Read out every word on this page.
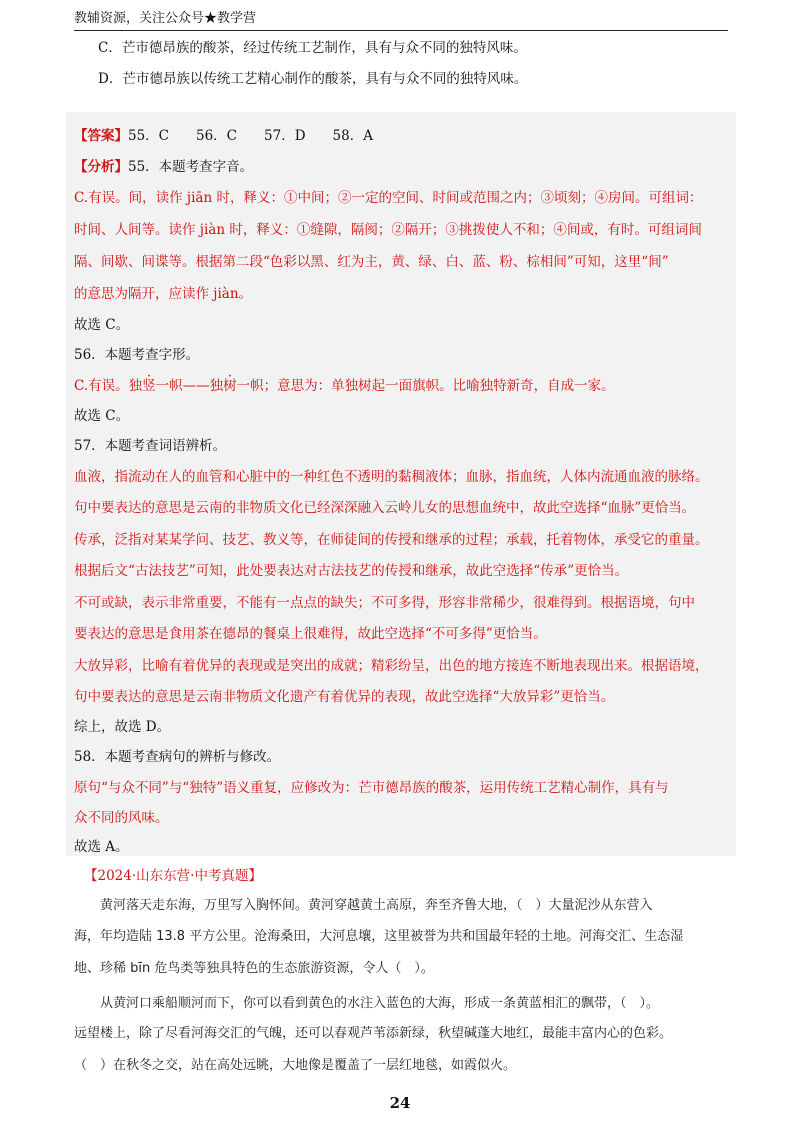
教辅资源，关注公众号★教学营
C．芒市德昂族的酸茶，经过传统工艺制作，具有与众不同的独特风味。
D．芒市德昂族以传统工艺精心制作的酸茶，具有与众不同的独特风味。
【答案】55．C　　56．C　　57．D　　58．A
【分析】55．本题考查字音。
C.有误。间，读作 jiān 时，释义：①中间；②一定的空间、时间或范围之内；③顷刻；④房间。可组词：
时间、人间等。读作 jiàn 时，释义：①缝隙，隔阂；②隔开；③挑拨使人不和；④间或，有时。可组词间
隔、间歇、间谍等。根据第二段“色彩以黑、红为主，黄、绿、白、蓝、粉、棕相间”可知，这里“间”
的意思为隔开，应读作 jiàn。
故选 C。
56．本题考查字形。
C.有误。独竖一帜——独树一帜；意思为：单独树起一面旗帜。比喻独特新奇，自成一家。
故选 C。
57．本题考查词语辨析。
血液，指流动在人的血管和心脏中的一种红色不透明的黏稠液体；血脉，指血统，人体内流通血液的脉络。
句中要表达的意思是云南的非物质文化已经深深融入云岭儿女的思想血统中，故此空选择“血脉”更恰当。
传承，泛指对某某学问、技艺、教义等，在师徒间的传授和继承的过程；承载，托着物体，承受它的重量。
根据后文“古法技艺”可知，此处要表达对古法技艺的传授和继承，故此空选择“传承”更恰当。
不可或缺，表示非常重要，不能有一点点的缺失；不可多得，形容非常稀少，很难得到。根据语境，句中
要表达的意思是食用茶在德昂的餐桌上很难得，故此空选择“不可多得”更恰当。
大放异彩，比喻有着优异的表现或是突出的成就；精彩纷呈，出色的地方接连不断地表现出来。根据语境，
句中要表达的意思是云南非物质文化遗产有着优异的表现，故此空选择“大放异彩”更恰当。
综上，故选 D。
58．本题考查病句的辨析与修改。
原句“与众不同”与“独特”语义重复，应修改为：芒市德昂族的酸茶，运用传统工艺精心制作，具有与
众不同的风味。
故选 A。
【2024·山东东营·中考真题】
黄河落天走东海，万里写入胸怀间。黄河穿越黄土高原，奔至齐鲁大地，（　）大量泥沙从东营入
海，年均造陆 13.8 平方公里。沧海桑田，大河息壤，这里被誉为共和国最年轻的土地。河海交汇、生态湿
地、珍稀 bīn 危鸟类等独具特色的生态旅游资源，令人（　）。
从黄河口乘船顺河而下，你可以看到黄色的水注入蓝色的大海，形成一条黄蓝相汇的飘带，（　）。
远望楼上，除了尽看河海交汇的气魄，还可以春观芦苇添新绿，秋望碱蓬大地红，最能丰富内心的色彩。
（　）在秋冬之交，站在高处远眺，大地像是覆盖了一层红地毯，如霞似火。
24
